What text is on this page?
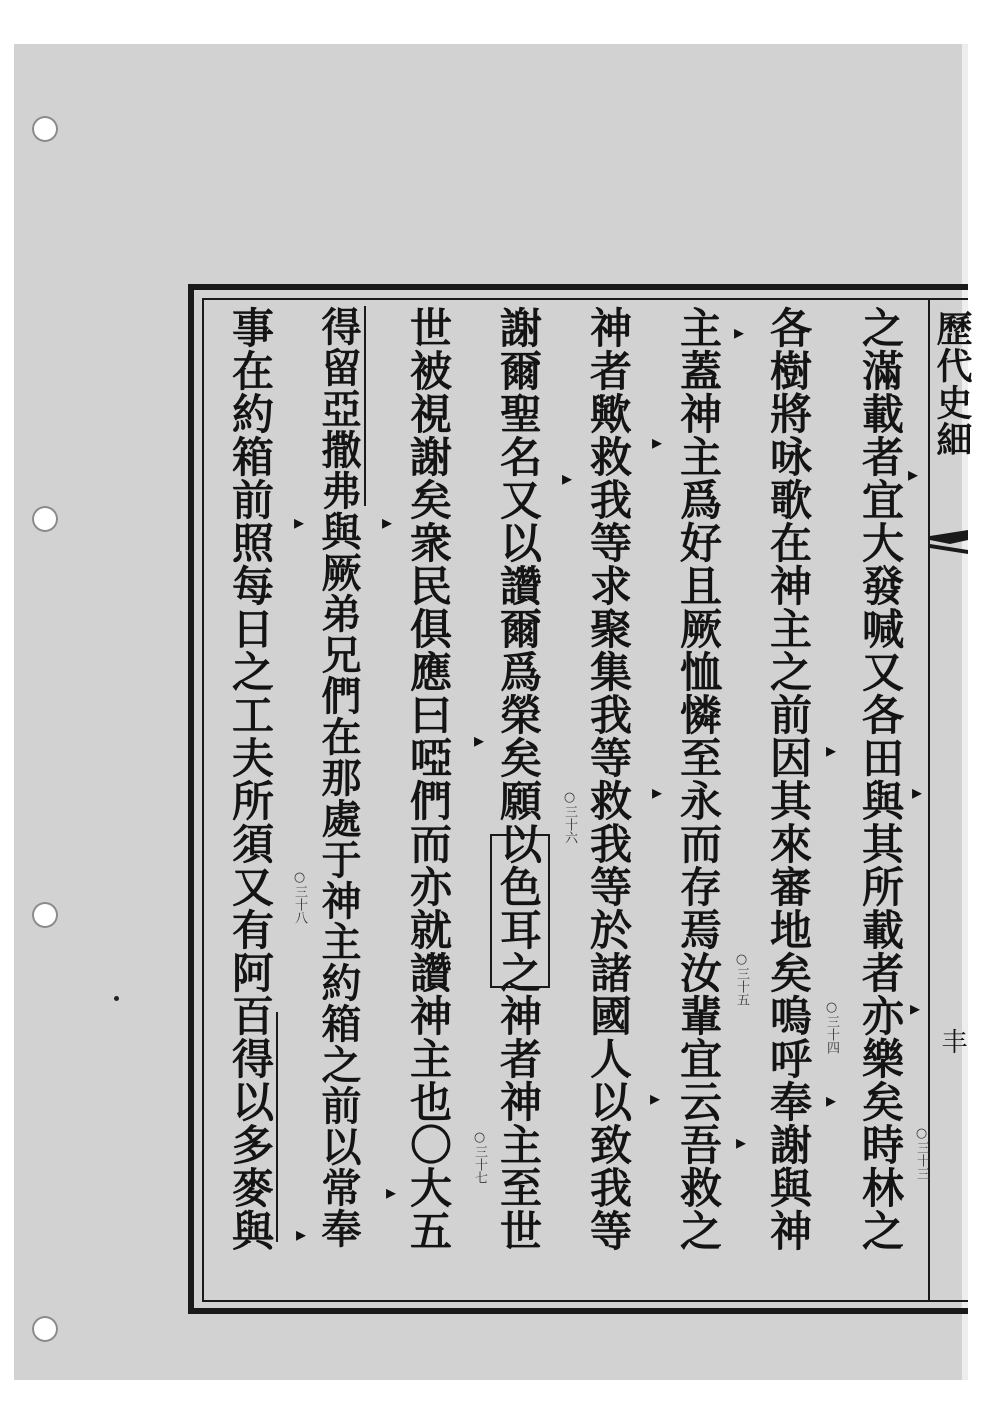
歷代史細
丰
之滿載者宜大發喊又各田與其所載者亦樂矣時林之
各樹將咏歌在神主之前因其來審地矣嗚呼奉謝與神
主蓋神主爲好且厥恤憐至永而存焉汝輩宜云吾救之
神者歟救我等求聚集我等救我等於諸國人以致我等
謝爾聖名又以讚爾爲榮矣願以色耳之神者神主至世
世被視謝矣衆民俱應曰啞們而亦就讚神主也〇大五
得留亞撒弗與厥弟兄們在那處于神主約箱之前以常奉
事在約箱前照每日之工夫所須又有阿百得以多麥與	○三十三
○三十四
○三十五
○三十六
○三十七
○三十八
▸
▸
▸
▸
▸
▸
▸
▸
▸
▸
▸
▸
▸
▸
▸
▸
